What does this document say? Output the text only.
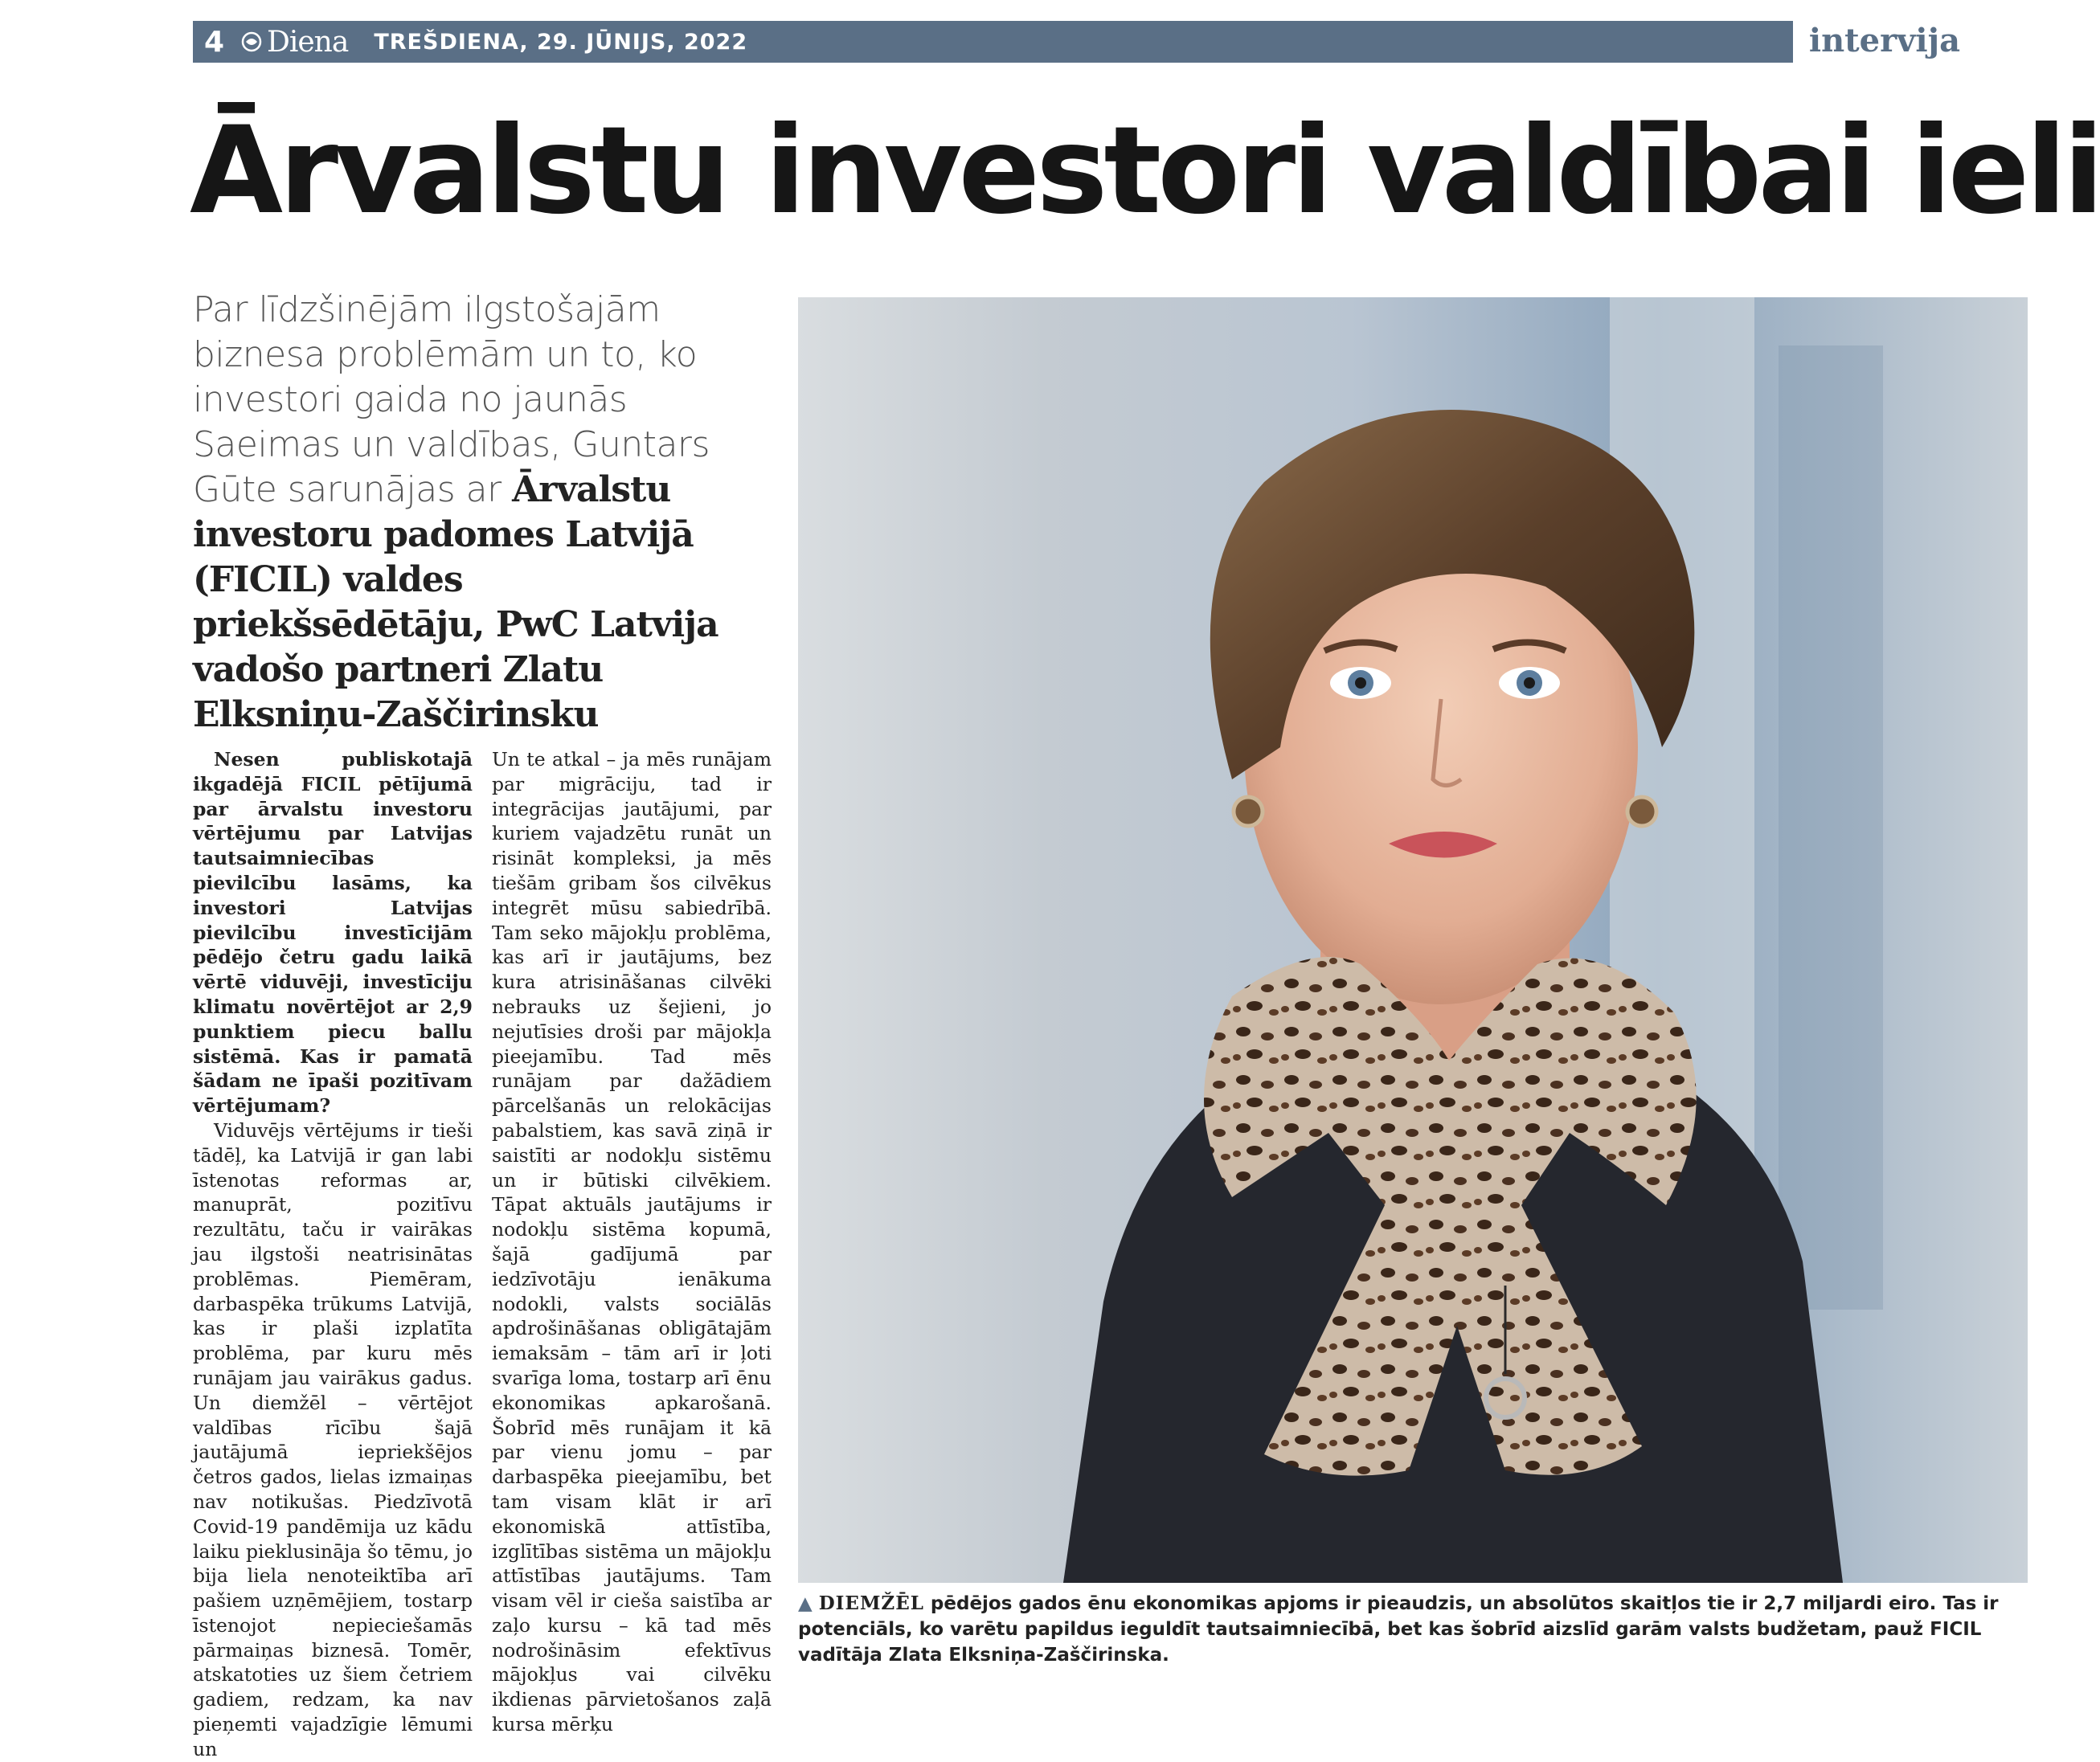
4 Diena TREŠDIENA, 29. JŪNIJS, 2022	intervija
Ārvalstu investori valdībai ieli
Par līdzšinējām ilgstošajām biznesa problēmām un to, ko investori gaida no jaunās Saeimas un valdības, Guntars Gūte sarunājas ar Ārvalstu investoru padomes Latvijā (FICIL) valdes priekšsēdētāju, PwC Latvija vadošo partneri Zlatu Elksniņu-Zaščirinsku

Nesen publiskotajā ikgadējā FICIL pētījumā par ārvalstu investoru vērtējumu par Latvijas tautsaimniecības pievilcību lasāms, ka investori Latvijas pievilcību investīcijām pēdējo četru gadu laikā vērtē viduvēji, investīciju klimatu novērtējot ar 2,9 punktiem piecu ballu sistēmā. Kas ir pamatā šādam ne īpaši pozitīvam vērtējumam?

Viduvējs vērtējums ir tieši tādēļ, ka Latvijā ir gan labi īstenotas reformas ar, manuprāt, pozitīvu rezultātu, taču ir vairākas jau ilgstoši neatrisinātas problēmas. Piemēram, darbaspēka trūkums Latvijā, kas ir plaši izplatīta problēma, par kuru mēs runājam jau vairākus gadus. Un diemžēl – vērtējot valdības rīcību šajā jautājumā iepriekšējos četros gados, lielas izmaiņas nav notikušas. Piedzīvotā Covid-19 pandēmija uz kādu laiku pieklusināja šo tēmu, jo bija liela nenoteiktība arī pašiem uzņēmējiem, tostarp īstenojot nepieciešamās pārmaiņas biznesā. Tomēr, atskatoties uz šiem četriem gadiem, redzam, ka nav pieņemti vajadzīgie lēmumi un

Un te atkal – ja mēs runājam par migrāciju, tad ir integrācijas jautājumi, par kuriem vajadzētu runāt un risināt kompleksi, ja mēs tiešām gribam šos cilvēkus integrēt mūsu sabiedrībā. Tam seko mājokļu problēma, kas arī ir jautājums, bez kura atrisināšanas cilvēki nebrauks uz šejieni, jo nejutīsies droši par mājokļa pieejamību. Tad mēs runājam par dažādiem pārcelšanās un relokācijas pabalstiem, kas savā ziņā ir saistīti ar nodokļu sistēmu un ir būtiski cilvēkiem. Tāpat aktuāls jautājums ir nodokļu sistēma kopumā, šajā gadījumā par iedzīvotāju ienākuma nodokli, valsts sociālās apdrošināšanas obligātajām iemaksām – tām arī ir ļoti svarīga loma, tostarp arī ēnu ekonomikas apkarošanā. Šobrīd mēs runājam it kā par vienu jomu – par darbaspēka pieejamību, bet tam visam klāt ir arī ekonomiskā attīstība, izglītības sistēma un mājokļu attīstības jautājums. Tam visam vēl ir cieša saistība ar zaļo kursu – kā tad mēs nodrošināsim efektīvus mājokļus vai cilvēku ikdienas pārvietošanos zaļā kursa mērķu

▲ DIEMŽĒL pēdējos gados ēnu ekonomikas apjoms ir pieaudzis, un absolūtos skaitļos tie ir 2,7 miljardi eiro. Tas ir potenciāls, ko varētu papildus ieguldīt tautsaimniecībā, bet kas šobrīd aizslīd garām valsts budžetam, pauž FICIL vadītāja Zlata Elksniņa-Zaščirinska.
